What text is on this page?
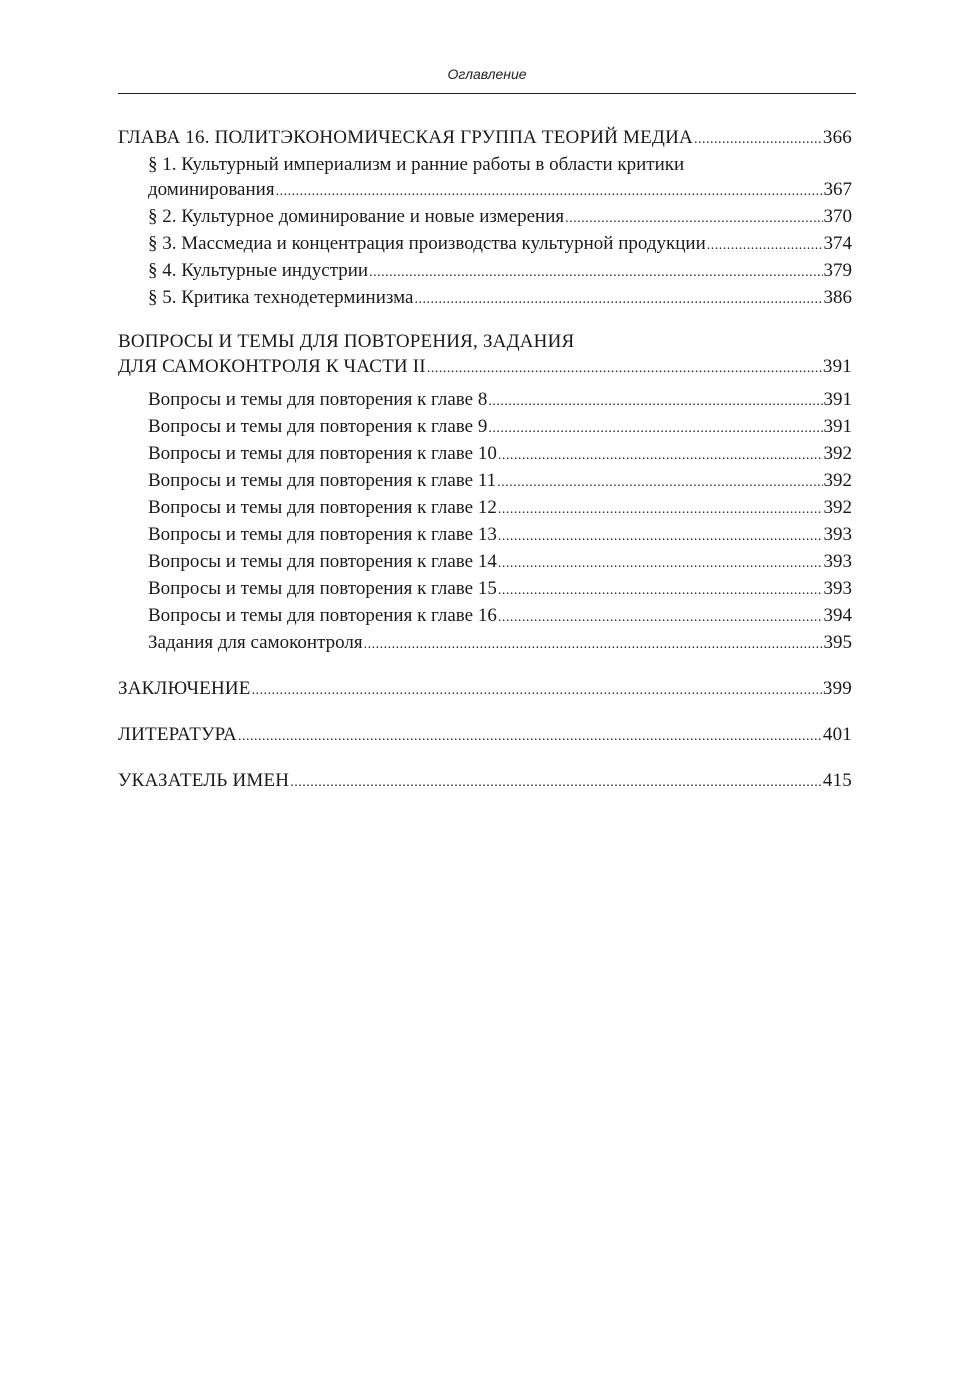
Оглавление
ГЛАВА 16. ПОЛИТЭКОНОМИЧЕСКАЯ ГРУППА ТЕОРИЙ МЕДИА .....	366
§ 1. Культурный империализм и ранние работы в области критики
доминирования .....	367
§ 2. Культурное доминирование и новые измерения .....	370
§ 3. Массмедиа и концентрация производства культурной продукции .....	374
§ 4. Культурные индустрии .....	379
§ 5. Критика технодетерминизма .....	386
ВОПРОСЫ И ТЕМЫ ДЛЯ ПОВТОРЕНИЯ, ЗАДАНИЯ
ДЛЯ САМОКОНТРОЛЯ К ЧАСТИ II .....	391
Вопросы и темы для повторения к главе 8 .....	391
Вопросы и темы для повторения к главе 9 .....	391
Вопросы и темы для повторения к главе 10 .....	392
Вопросы и темы для повторения к главе 11 .....	392
Вопросы и темы для повторения к главе 12 .....	392
Вопросы и темы для повторения к главе 13 .....	393
Вопросы и темы для повторения к главе 14 .....	393
Вопросы и темы для повторения к главе 15 .....	393
Вопросы и темы для повторения к главе 16 .....	394
Задания для самоконтроля .....	395
ЗАКЛЮЧЕНИЕ .....	399
ЛИТЕРАТУРА .....	401
УКАЗАТЕЛЬ ИМЕН .....	415
